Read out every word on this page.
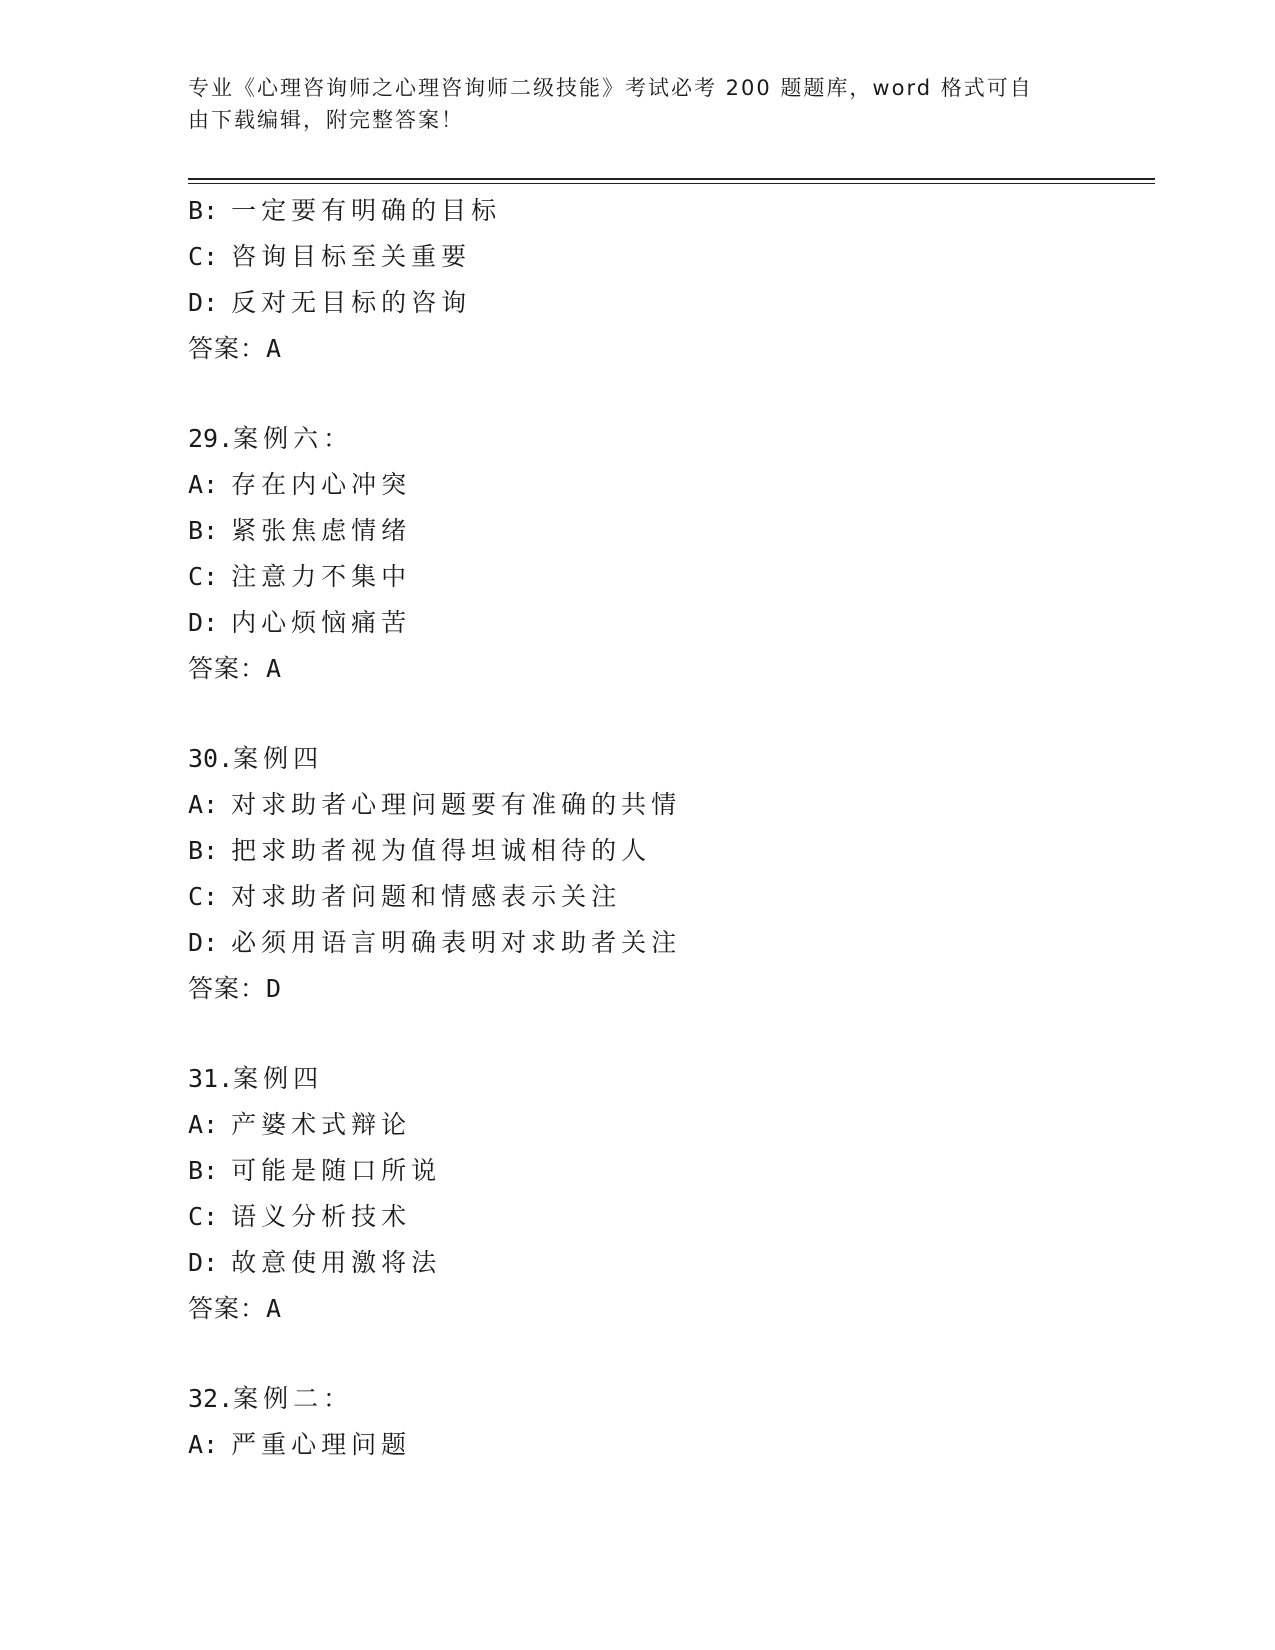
专业《心理咨询师之心理咨询师二级技能》考试必考 200 题题库，word 格式可自
由下载编辑，附完整答案！
B: 一定要有明确的目标
C: 咨询目标至关重要
D: 反对无目标的咨询
答案：A
29.案例六：
A: 存在内心冲突
B: 紧张焦虑情绪
C: 注意力不集中
D: 内心烦恼痛苦
答案：A
30.案例四
A: 对求助者心理问题要有准确的共情
B: 把求助者视为值得坦诚相待的人
C: 对求助者问题和情感表示关注
D: 必须用语言明确表明对求助者关注
答案：D
31.案例四
A: 产婆术式辩论
B: 可能是随口所说
C: 语义分析技术
D: 故意使用激将法
答案：A
32.案例二：
A: 严重心理问题
